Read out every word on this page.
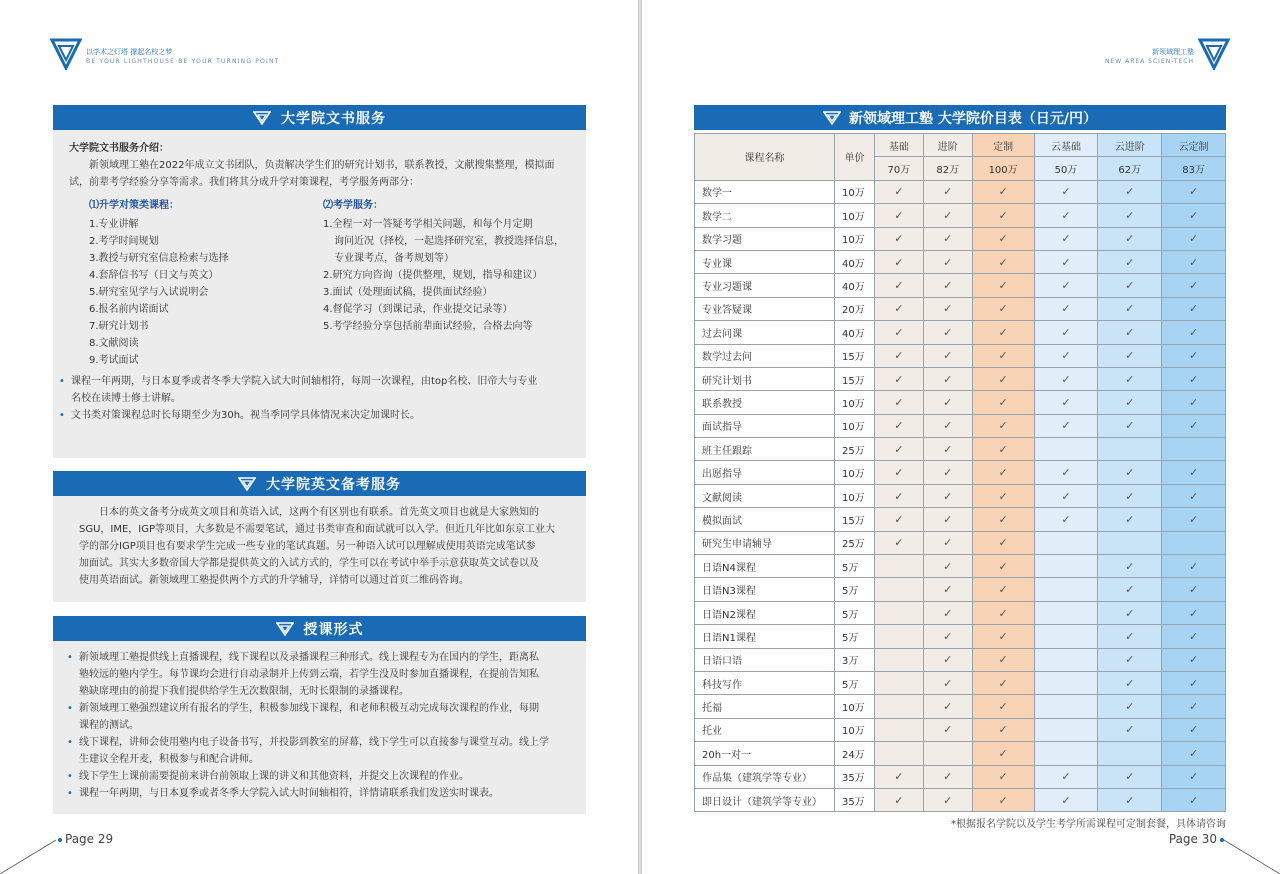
以学术之灯塔 撑起名校之梦
BE YOUR LIGHTHOUSE BE YOUR TURNING POINT
大学院文书服务
大学院文书服务介绍：
新领域理工塾在2022年成立文书团队，负责解决学生们的研究计划书，联系教授，文献搜集整理，模拟面试，前辈考学经验分享等需求。我们将其分成升学对策课程，考学服务两部分：
⑴升学对策类课程：
1.专业讲解
2.考学时间规划
3.教授与研究室信息检索与选择
4.套辞信书写（日文与英文）
5.研究室见学与入试说明会
6.报名前内诺面试
7.研究计划书
8.文献阅读
9.考试面试
⑵考学服务：
1.全程一对一答疑考学相关问题，和每个月定期
询问近况（择校，一起选择研究室，教授选择信息，
专业课考点，备考规划等）
2.研究方向咨询（提供整理，规划，指导和建议）
3.面试（处理面试稿，提供面试经验）
4.督促学习（到课记录，作业提交记录等）
5.考学经验分享包括前辈面试经验，合格去向等
• 课程一年两期，与日本夏季或者冬季大学院入试大时间轴相符，每周一次课程，由top名校、旧帝大与专业
名校在读博士修士讲解。
• 文书类对策课程总时长每期至少为30h。视当季同学具体情况来决定加课时长。
大学院英文备考服务
日本的英文备考分成英文项目和英语入试，这两个有区别也有联系。首先英文项目也就是大家熟知的
SGU，IME，IGP等项目，大多数是不需要笔试，通过书类审查和面试就可以入学。但近几年比如东京工业大
学的部分IGP项目也有要求学生完成一些专业的笔试真题。另一种语入试可以理解成使用英语完成笔试参
加面试。其实大多数帝国大学都是提供英文的入试方式的，学生可以在考试中举手示意获取英文试卷以及
使用英语面试。新领域理工塾提供两个方式的升学辅导，详情可以通过首页二维码咨询。
授课形式
• 新领域理工塾提供线上直播课程，线下课程以及录播课程三种形式。线上课程专为在国内的学生，距离私
塾较远的塾内学生。每节课均会进行自动录制并上传到云端，若学生没及时参加直播课程，在提前告知私
塾缺席理由的前提下我们提供给学生无次数限制，无时长限制的录播课程。
• 新领域理工塾强烈建议所有报名的学生，积极参加线下课程，和老师积极互动完成每次课程的作业，每期
课程的测试。
• 线下课程，讲师会使用塾内电子设备书写，并投影到教室的屏幕，线下学生可以直接参与课堂互动。线上学
生建议全程开麦，积极参与和配合讲师。
• 线下学生上课前需要提前来讲台前领取上课的讲义和其他资料，并提交上次课程的作业。
• 课程一年两期，与日本夏季或者冬季大学院入试大时间轴相符，详情请联系我们发送实时课表。
Page 29
新领域理工塾
NEW AREA SCIEN-TECH
Page 30
新领域理工塾 大学院价目表（日元/円）
课程名称	单价	基础	进阶	定制	云基础	云进阶	云定制
		70万	82万	100万	50万	62万	83万
数学一	10万	✓	✓	✓	✓	✓	✓
数学二	10万	✓	✓	✓	✓	✓	✓
数学习题	10万	✓	✓	✓	✓	✓	✓
专业课	40万	✓	✓	✓	✓	✓	✓
专业习题课	40万	✓	✓	✓	✓	✓	✓
专业答疑课	20万	✓	✓	✓	✓	✓	✓
过去问课	40万	✓	✓	✓	✓	✓	✓
数学过去问	15万	✓	✓	✓	✓	✓	✓
研究计划书	15万	✓	✓	✓	✓	✓	✓
联系教授	10万	✓	✓	✓	✓	✓	✓
面试指导	10万	✓	✓	✓	✓	✓	✓
班主任跟踪	25万	✓	✓	✓			
出愿指导	10万	✓	✓	✓	✓	✓	✓
文献阅读	10万	✓	✓	✓	✓	✓	✓
模拟面试	15万	✓	✓	✓	✓	✓	✓
研究生申请辅导	25万	✓	✓	✓			
日语N4课程	5万		✓	✓		✓	✓
日语N3课程	5万		✓	✓		✓	✓
日语N2课程	5万		✓	✓		✓	✓
日语N1课程	5万		✓	✓		✓	✓
日语口语	3万		✓	✓		✓	✓
科技写作	5万		✓	✓		✓	✓
托福	10万		✓	✓		✓	✓
托业	10万		✓	✓		✓	✓
20h一对一	24万			✓			✓
作品集（建筑学等专业）	35万	✓	✓	✓	✓	✓	✓
即日设计（建筑学等专业）	35万	✓	✓	✓	✓	✓	✓
*根据报名学院以及学生考学所需课程可定制套餐，具体请咨询
